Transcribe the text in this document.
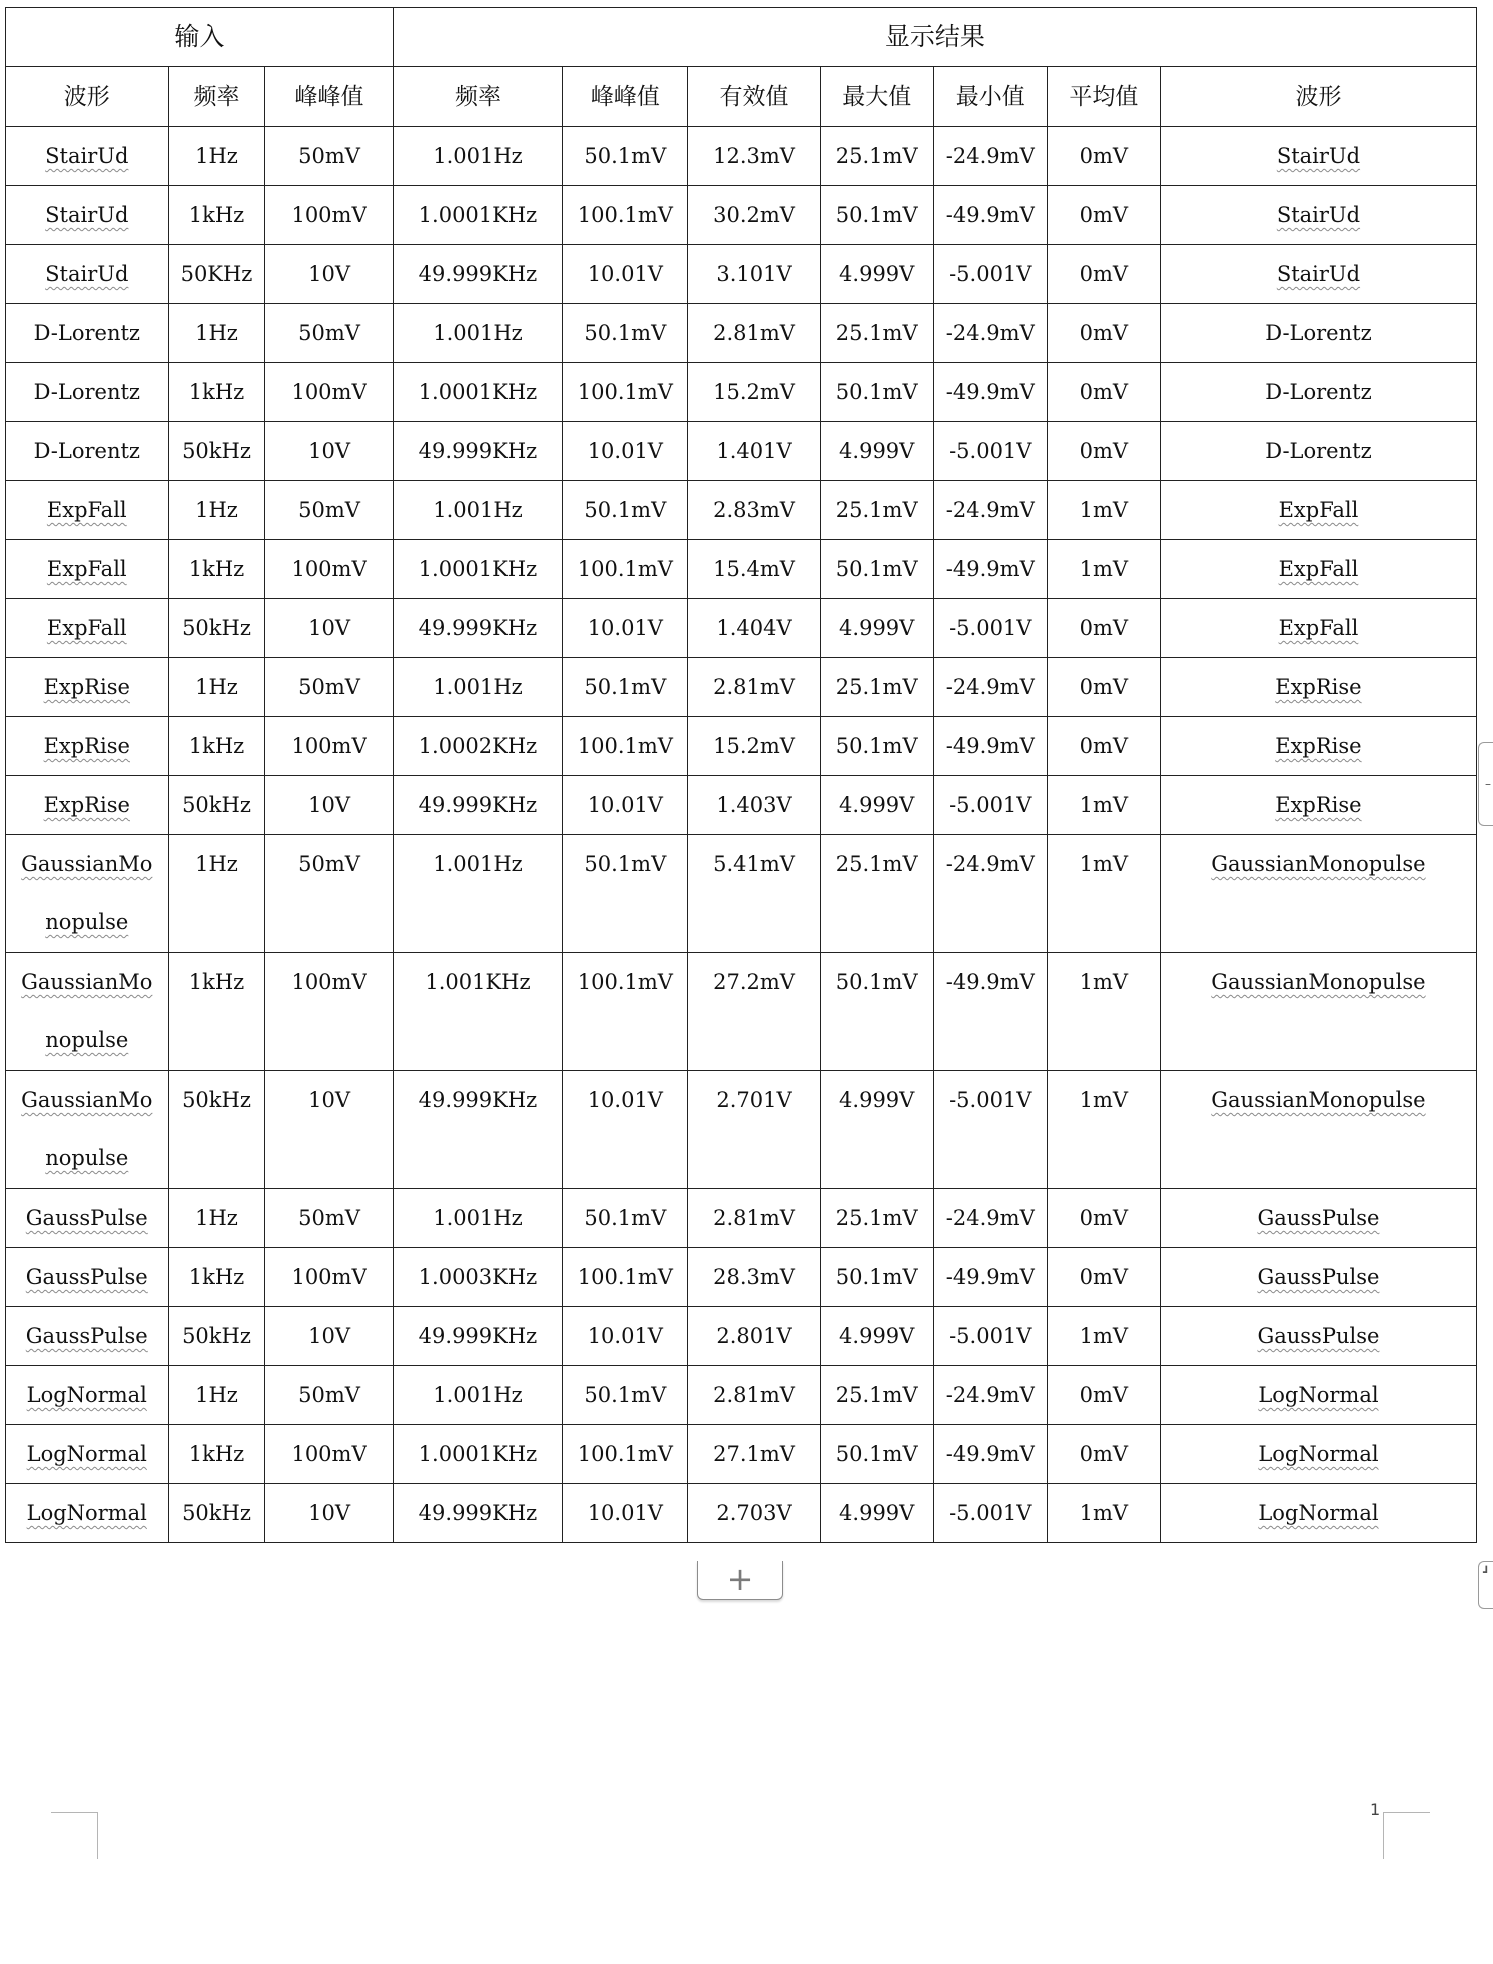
输入			显示结果						
波形	频率	峰峰值	频率	峰峰值	有效值	最大值	最小值	平均值	波形
StairUd	1Hz	50mV	1.001Hz	50.1mV	12.3mV	25.1mV	-24.9mV	0mV	StairUd
StairUd	1kHz	100mV	1.0001KHz	100.1mV	30.2mV	50.1mV	-49.9mV	0mV	StairUd
StairUd	50KHz	10V	49.999KHz	10.01V	3.101V	4.999V	-5.001V	0mV	StairUd
D-Lorentz	1Hz	50mV	1.001Hz	50.1mV	2.81mV	25.1mV	-24.9mV	0mV	D-Lorentz
D-Lorentz	1kHz	100mV	1.0001KHz	100.1mV	15.2mV	50.1mV	-49.9mV	0mV	D-Lorentz
D-Lorentz	50kHz	10V	49.999KHz	10.01V	1.401V	4.999V	-5.001V	0mV	D-Lorentz
ExpFall	1Hz	50mV	1.001Hz	50.1mV	2.83mV	25.1mV	-24.9mV	1mV	ExpFall
ExpFall	1kHz	100mV	1.0001KHz	100.1mV	15.4mV	50.1mV	-49.9mV	1mV	ExpFall
ExpFall	50kHz	10V	49.999KHz	10.01V	1.404V	4.999V	-5.001V	0mV	ExpFall
ExpRise	1Hz	50mV	1.001Hz	50.1mV	2.81mV	25.1mV	-24.9mV	0mV	ExpRise
ExpRise	1kHz	100mV	1.0002KHz	100.1mV	15.2mV	50.1mV	-49.9mV	0mV	ExpRise
ExpRise	50kHz	10V	49.999KHz	10.01V	1.403V	4.999V	-5.001V	1mV	ExpRise

GaussianMonopulse	1Hz	50mV	1.001Hz	50.1mV	5.41mV	25.1mV	-24.9mV	1mV	GaussianMonopulse

GaussianMonopulse	1kHz	100mV	1.001KHz	100.1mV	27.2mV	50.1mV	-49.9mV	1mV	GaussianMonopulse

GaussianMonopulse	50kHz	10V	49.999KHz	10.01V	2.701V	4.999V	-5.001V	1mV	GaussianMonopulse

GaussPulse	1Hz	50mV	1.001Hz	50.1mV	2.81mV	25.1mV	-24.9mV	0mV	GaussPulse
GaussPulse	1kHz	100mV	1.0003KHz	100.1mV	28.3mV	50.1mV	-49.9mV	0mV	GaussPulse
GaussPulse	50kHz	10V	49.999KHz	10.01V	2.801V	4.999V	-5.001V	1mV	GaussPulse
LogNormal	1Hz	50mV	1.001Hz	50.1mV	2.81mV	25.1mV	-24.9mV	0mV	LogNormal
LogNormal	1kHz	100mV	1.0001KHz	100.1mV	27.1mV	50.1mV	-49.9mV	0mV	LogNormal
LogNormal	50kHz	10V	49.999KHz	10.01V	2.703V	4.999V	-5.001V	1mV	LogNormal
+
–
┛
1
